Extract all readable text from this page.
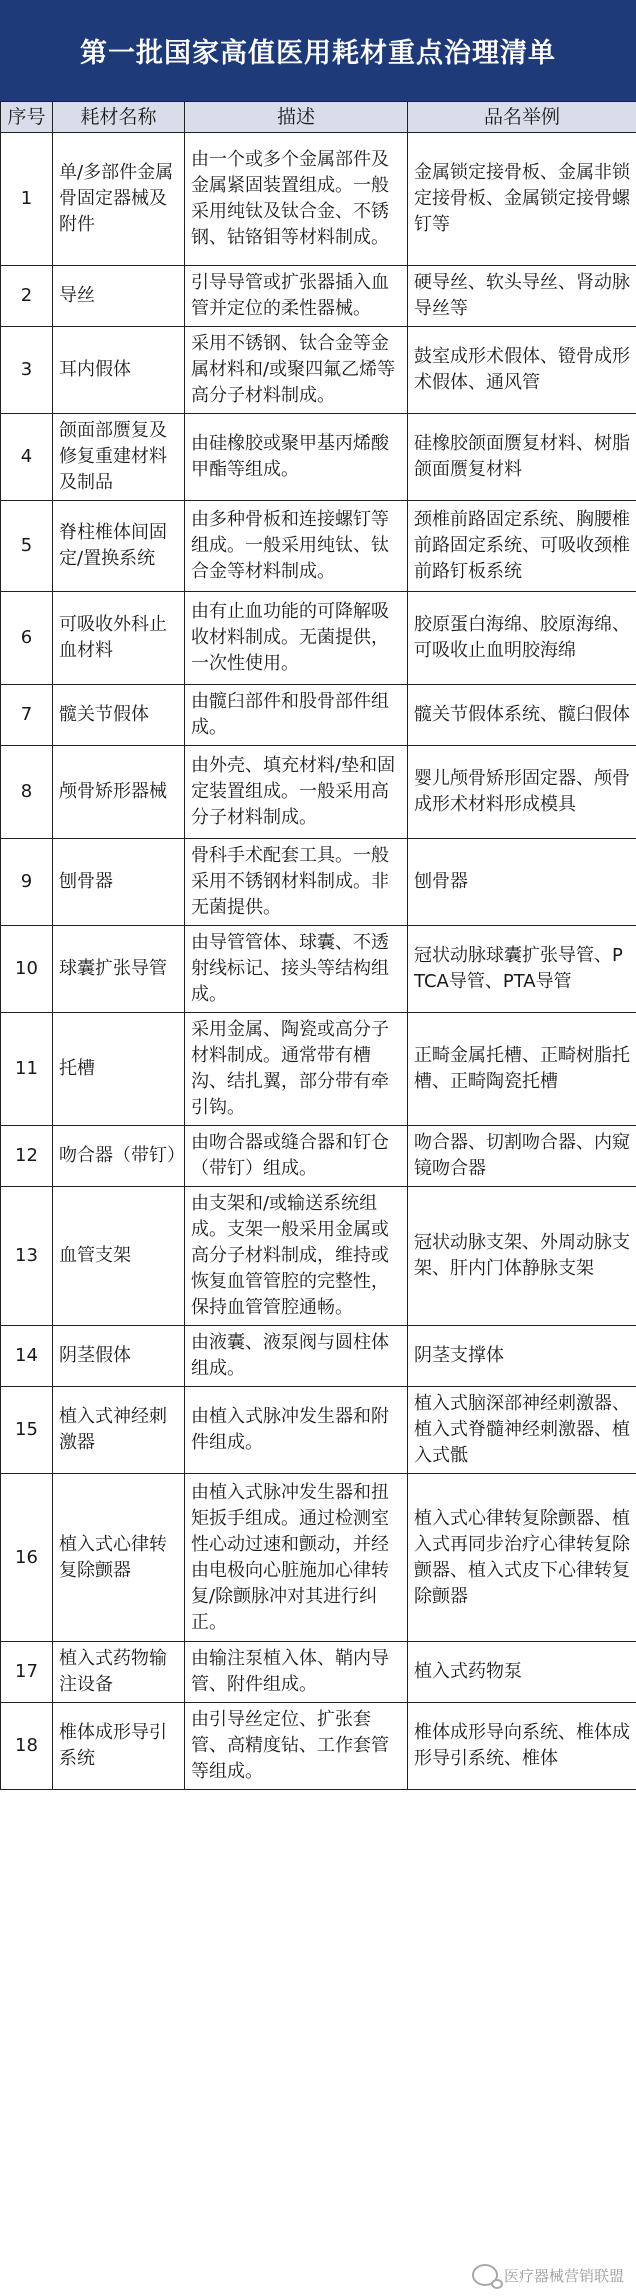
第一批国家高值医用耗材重点治理清单
序号	耗材名称	描述	品名举例
1	单/多部件金属骨固定器械及附件	由一个或多个金属部件及金属紧固装置组成。一般采用纯钛及钛合金、不锈钢、钴铬钼等材料制成。	金属锁定接骨板、金属非锁定接骨板、金属锁定接骨螺钉等
2	导丝	引导导管或扩张器插入血管并定位的柔性器械。	硬导丝、软头导丝、肾动脉导丝等
3	耳内假体	采用不锈钢、钛合金等金属材料和/或聚四氟乙烯等高分子材料制成。	鼓室成形术假体、镫骨成形术假体、通风管
4	颌面部赝复及修复重建材料及制品	由硅橡胶或聚甲基丙烯酸甲酯等组成。	硅橡胶颌面赝复材料、树脂颌面赝复材料
5	脊柱椎体间固定/置换系统	由多种骨板和连接螺钉等组成。一般采用纯钛、钛合金等材料制成。	颈椎前路固定系统、胸腰椎前路固定系统、可吸收颈椎前路钉板系统
6	可吸收外科止血材料	由有止血功能的可降解吸收材料制成。无菌提供，一次性使用。	胶原蛋白海绵、胶原海绵、可吸收止血明胶海绵
7	髋关节假体	由髋臼部件和股骨部件组成。	髋关节假体系统、髋臼假体
8	颅骨矫形器械	由外壳、填充材料/垫和固定装置组成。一般采用高分子材料制成。	婴儿颅骨矫形固定器、颅骨成形术材料形成模具
9	刨骨器	骨科手术配套工具。一般采用不锈钢材料制成。非无菌提供。	刨骨器
10	球囊扩张导管	由导管管体、球囊、不透射线标记、接头等结构组成。	冠状动脉球囊扩张导管、PTCA导管、PTA导管
11	托槽	采用金属、陶瓷或高分子材料制成。通常带有槽沟、结扎翼，部分带有牵引钩。	正畸金属托槽、正畸树脂托槽、正畸陶瓷托槽
12	吻合器（带钉）	由吻合器或缝合器和钉仓（带钉）组成。	吻合器、切割吻合器、内窥镜吻合器
13	血管支架	由支架和/或输送系统组成。支架一般采用金属或高分子材料制成，维持或恢复血管管腔的完整性，保持血管管腔通畅。	冠状动脉支架、外周动脉支架、肝内门体静脉支架
14	阴茎假体	由液囊、液泵阀与圆柱体组成。	阴茎支撑体
15	植入式神经刺激器	由植入式脉冲发生器和附件组成。	植入式脑深部神经刺激器、植入式脊髓神经刺激器、植入式骶
16	植入式心律转复除颤器	由植入式脉冲发生器和扭矩扳手组成。通过检测室性心动过速和颤动，并经由电极向心脏施加心律转复/除颤脉冲对其进行纠正。	植入式心律转复除颤器、植入式再同步治疗心律转复除颤器、植入式皮下心律转复除颤器
17	植入式药物输注设备	由输注泵植入体、鞘内导管、附件组成。	植入式药物泵
18	椎体成形导引系统	由引导丝定位、扩张套管、高精度钻、工作套管等组成。	椎体成形导向系统、椎体成形导引系统、椎体
医疗器械营销联盟
